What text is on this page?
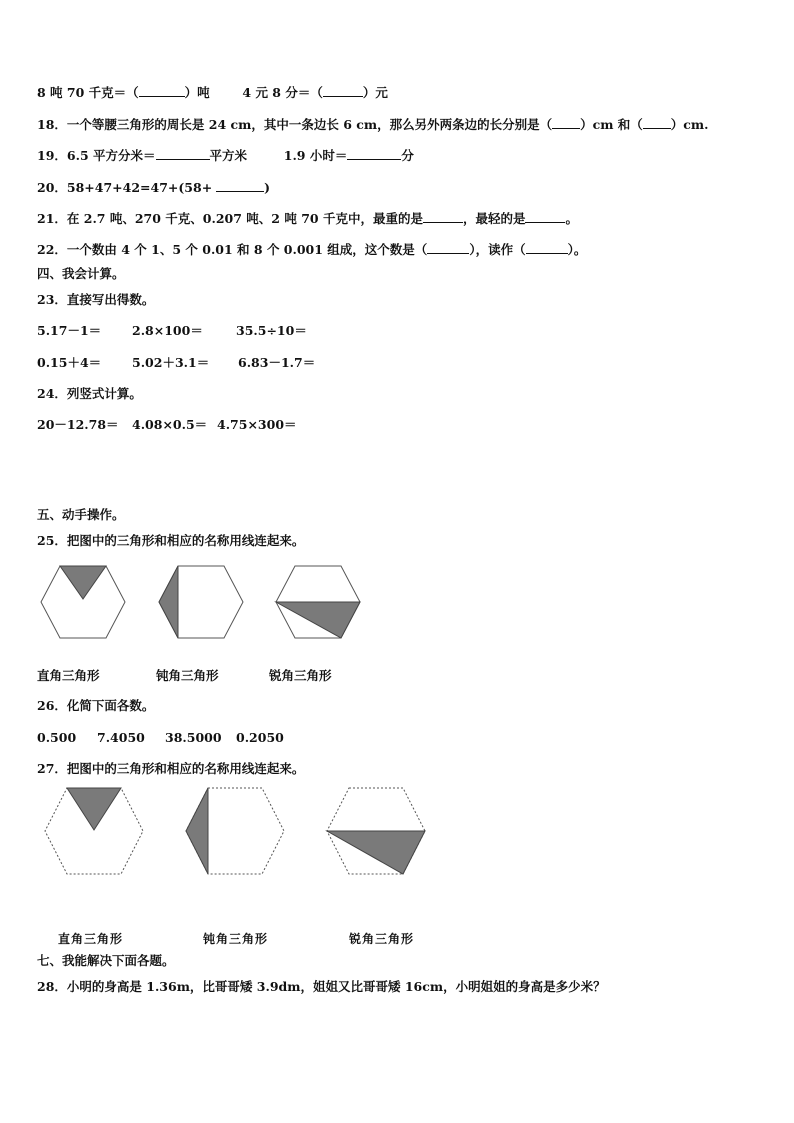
8 吨 70 千克＝（	）吨	4 元 8 分＝（	）元
18．一个等腰三角形的周长是 24 cm，其中一条边长 6 cm，那么另外两条边的长分别是（ ）cm 和（ ）cm.
19．6.5 平方分米＝	平方米	1.9 小时＝	分
20．58+47+42=47+(58+	)
21．在 2.7 吨、270 千克、0.207 吨、2 吨 70 千克中，最重的是	，最轻的是	。
22．一个数由 4 个 1、5 个 0.01 和 8 个 0.001 组成，这个数是（	），读作（	）。
四、我会计算。
23．直接写出得数。
5.17－1＝ 2.8×100＝	35.5÷10＝
0.15＋4＝ 5.02＋3.1＝ 6.83－1.7＝
24．列竖式计算。
20－12.78＝ 4.08×0.5＝ 4.75×300＝
五、动手操作。
25．把图中的三角形和相应的名称用线连起来。
直角三角形	钝角三角形	锐角三角形
26．化简下面各数。
0.500 7.4050 38.5000 0.2050
27．把图中的三角形和相应的名称用线连起来。
直角三角形	钝角三角形	锐角三角形
七、我能解决下面各题。
28．小明的身高是 1.36m，比哥哥矮 3.9dm，姐姐又比哥哥矮 16cm，小明姐姐的身高是多少米？
